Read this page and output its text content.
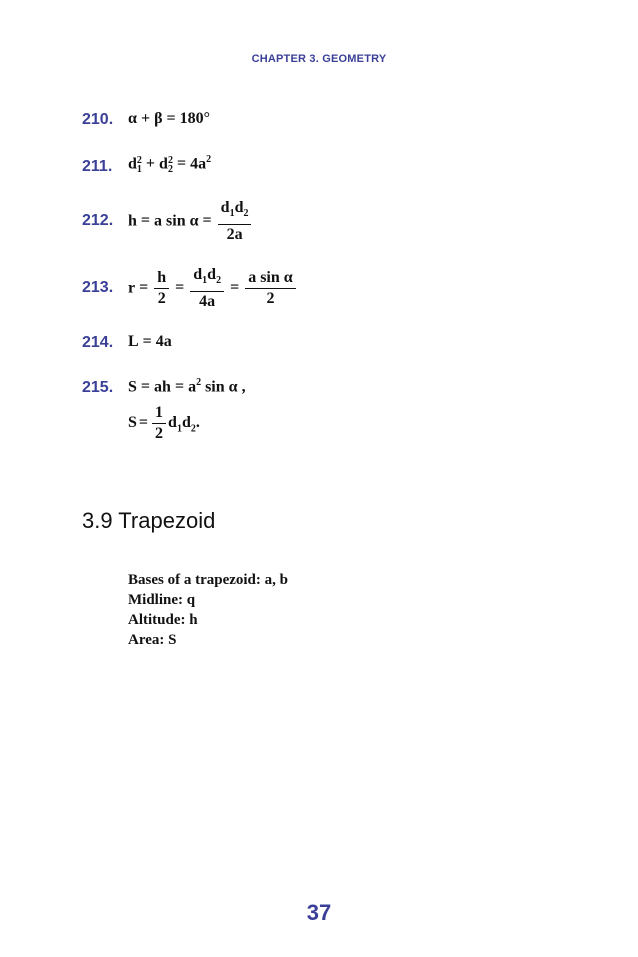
CHAPTER 3. GEOMETRY
210. α + β = 180°
211. d 2
1 + d 2
$2 = 4a^2$
212. h = a $\sin \alpha = \frac{d_1d_2}{2a}$
213. $r = \frac{h}{2} = \frac{d_1d_2}{4a} = \frac{\text{a sin α}}{2}$
214. L = 4a
215. S = ah = $a^2$ sin α ,
$S = \frac{1}{2} d_1d_2$.
3.9 Trapezoid
Bases of a trapezoid: a, b
Midline: q
Altitude: h
Area: S
37
